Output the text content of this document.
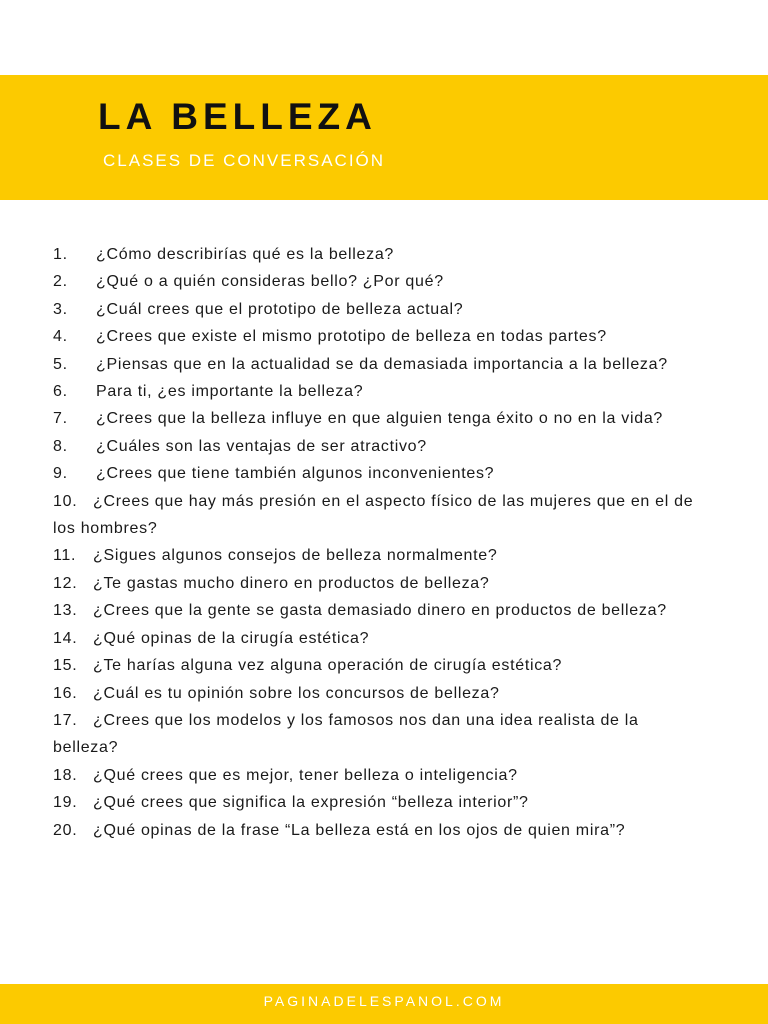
LA BELLEZA
CLASES DE CONVERSACIÓN
1. ¿Cómo describirías qué es la belleza?
2. ¿Qué o a quién consideras bello? ¿Por qué?
3. ¿Cuál crees que el prototipo de belleza actual?
4. ¿Crees que existe el mismo prototipo de belleza en todas partes?
5. ¿Piensas que en la actualidad se da demasiada importancia a la belleza?
6. Para ti, ¿es importante la belleza?
7. ¿Crees que la belleza influye en que alguien tenga éxito o no en la vida?
8. ¿Cuáles son las ventajas de ser atractivo?
9. ¿Crees que tiene también algunos inconvenientes?
10. ¿Crees que hay más presión en el aspecto físico de las mujeres que en el de los hombres?
11. ¿Sigues algunos consejos de belleza normalmente?
12. ¿Te gastas mucho dinero en productos de belleza?
13. ¿Crees que la gente se gasta demasiado dinero en productos de belleza?
14. ¿Qué opinas de la cirugía estética?
15. ¿Te harías alguna vez alguna operación de cirugía estética?
16. ¿Cuál es tu opinión sobre los concursos de belleza?
17. ¿Crees que los modelos y los famosos nos dan una idea realista de la belleza?
18. ¿Qué crees que es mejor, tener belleza o inteligencia?
19. ¿Qué crees que significa la expresión “belleza interior”?
20. ¿Qué opinas de la frase “La belleza está en los ojos de quien mira”?
PAGINADELESPANOL.COM
